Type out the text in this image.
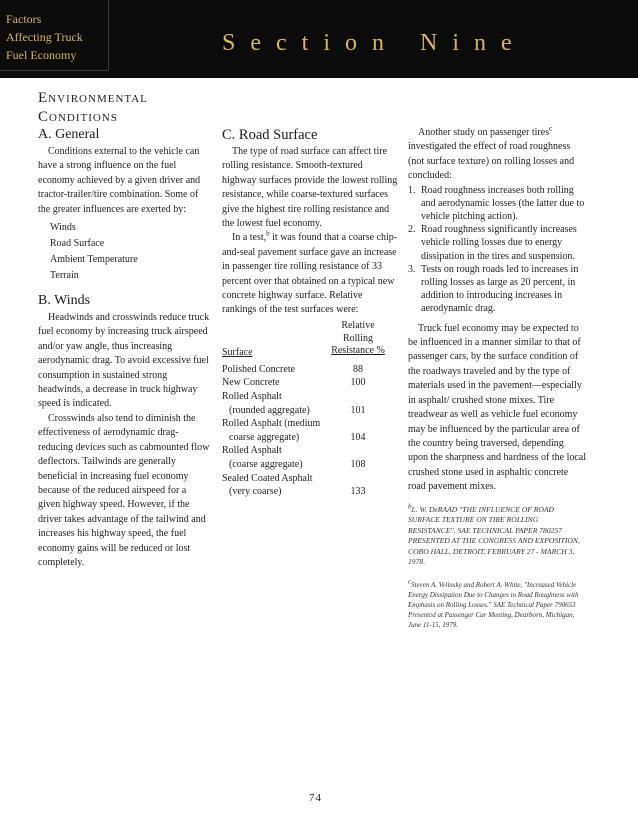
Factors
Affecting Truck
Fuel Economy	Section Nine
Environmental
Conditions
A. General

Conditions external to the vehicle can have a strong influence on the fuel economy achieved by a given driver and tractor-trailer/tire combination. Some of the greater influences are exerted by:

Winds
Road Surface
Ambient Temperature
Terrain
B. Winds

Headwinds and crosswinds reduce truck fuel economy by increasing truck airspeed and/or yaw angle, thus increasing aerodynamic drag. To avoid excessive fuel consumption in sustained strong headwinds, a decrease in truck highway speed is indicated.

Crosswinds also tend to diminish the effectiveness of aerodynamic drag-reducing devices such as cabmounted flow deflectors. Tailwinds are generally beneficial in increasing fuel economy because of the reduced airspeed for a given highway speed. However, if the driver takes advantage of the tailwind and increases his highway speed, the fuel economy gains will be reduced or lost completely.

C. Road Surface

The type of road surface can affect tire rolling resistance. Smooth-textured highway surfaces provide the lowest rolling resistance, while coarse-textured surfaces give the highest tire rolling resistance and the lowest fuel economy.

In a test,$^b$ it was found that a coarse chip-and-seal pavement surface gave an increase in passenger tire rolling resistance of 33 percent over that obtained on a typical new concrete highway surface. Relative rankings of the test surfaces were:

Relative
Rolling
Resistance %
Surface
Polished Concrete	88
New Concrete	100
Rolled Asphalt
(rounded aggregate)	101
Rolled Asphalt (medium
coarse aggregate)	104
Rolled Asphalt
(coarse aggregate)	108
Sealed Coated Asphalt
(very coarse)	133

Another study on passenger tires$^c$ investigated the effect of road roughness (not surface texture) on rolling losses and concluded:

1. Road roughness increases both rolling and aerodynamic losses (the latter due to vehicle pitching action).
2. Road roughness significantly increases vehicle rolling losses due to energy dissipation in the tires and suspension.
3. Tests on rough roads led to increases in rolling losses as large as 20 percent, in addition to introducing increases in aerodynamic drag.

Truck fuel economy may be expected to be influenced in a manner similar to that of passenger cars, by the surface condition of the roadways traveled and by the type of materials used in the pavement—especially in asphalt/ crushed stone mixes. Tire treadwear as well as vehicle fuel economy may be influenced by the particular area of the country being traversed, depending upon the sharpness and hardness of the local crushed stone used in asphaltic concrete road pavement mixes.

$^b$L. W. DeRAAD "THE INFLUENCE OF ROAD SURFACE TEXTURE ON TIRE ROLLING RESISTANCE", SAE TECHNICAL PAPER 780257 PRESENTED AT THE CONGRESS AND EXPOSITION, COBO HALL, DETROIT, FEBRUARY 27 - MARCH 3, 1978.
$^c$Steven A. Velinsky and Robert A. White, "Increased Vehicle Energy Dissipation Due to Changes in Road Roughness with Emphasis on Rolling Losses." SAE Technical Paper 790653 Presented at Passenger Car Meeting, Dearborn, Michigan, June 11-15, 1979.
74
